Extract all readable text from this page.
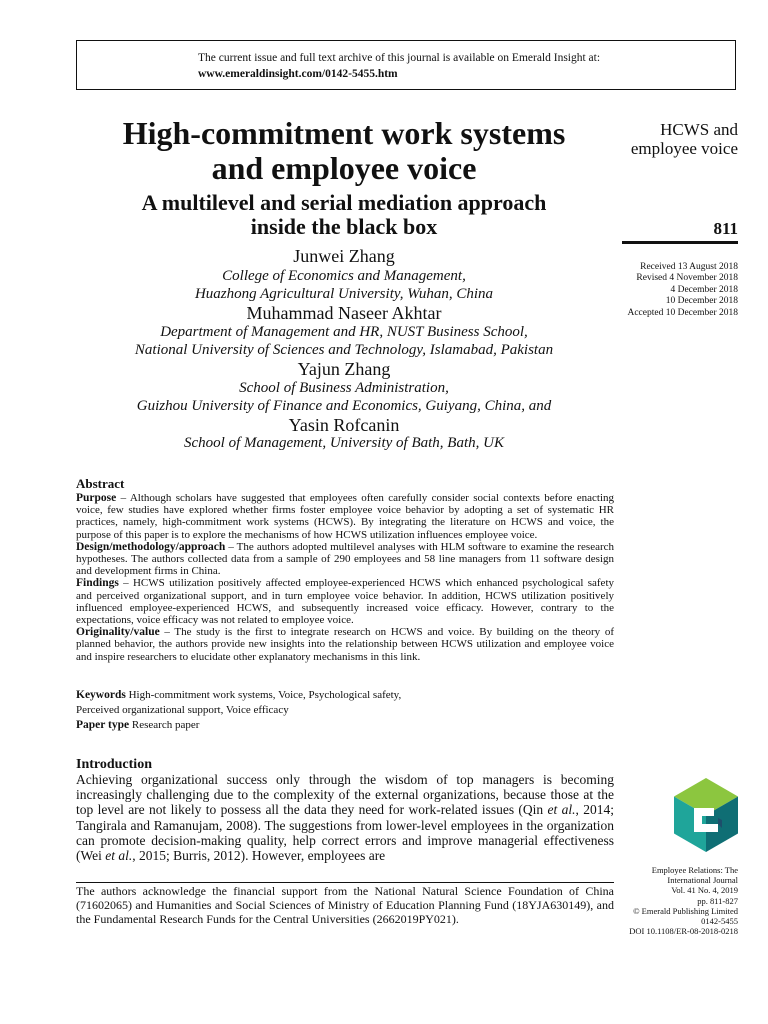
The current issue and full text archive of this journal is available on Emerald Insight at:
www.emeraldinsight.com/0142-5455.htm
High-commitment work systems
and employee voice
A multilevel and serial mediation approach
inside the black box
Junwei Zhang
College of Economics and Management,
Huazhong Agricultural University, Wuhan, China
Muhammad Naseer Akhtar
Department of Management and HR, NUST Business School,
National University of Sciences and Technology, Islamabad, Pakistan
Yajun Zhang
School of Business Administration,
Guizhou University of Finance and Economics, Guiyang, China, and
Yasin Rofcanin
School of Management, University of Bath, Bath, UK
HCWS and
employee voice
811
Received 13 August 2018
Revised 4 November 2018
4 December 2018
10 December 2018
Accepted 10 December 2018
Abstract

Purpose – Although scholars have suggested that employees often carefully consider social contexts before enacting voice, few studies have explored whether firms foster employee voice behavior by adopting a set of systematic HR practices, namely, high-commitment work systems (HCWS). By integrating the literature on HCWS and voice, the purpose of this paper is to explore the mechanisms of how HCWS utilization influences employee voice.

Design/methodology/approach – The authors adopted multilevel analyses with HLM software to examine the research hypotheses. The authors collected data from a sample of 290 employees and 58 line managers from 11 software design and development firms in China.

Findings – HCWS utilization positively affected employee-experienced HCWS which enhanced psychological safety and perceived organizational support, and in turn employee voice behavior. In addition, HCWS utilization positively influenced employee-experienced HCWS, and subsequently increased voice efficacy. However, contrary to the expectations, voice efficacy was not related to employee voice.

Originality/value – The study is the first to integrate research on HCWS and voice. By building on the theory of planned behavior, the authors provide new insights into the relationship between HCWS utilization and employee voice and inspire researchers to elucidate other explanatory mechanisms in this link.

Keywords High-commitment work systems, Voice, Psychological safety,

Perceived organizational support, Voice efficacy

Paper type Research paper
Introduction

Achieving organizational success only through the wisdom of top managers is becoming increasingly challenging due to the complexity of the external organizations, because those at the top level are not likely to possess all the data they need for work-related issues (Qin et al., 2014; Tangirala and Ramanujam, 2008). The suggestions from lower-level employees in the organization can promote decision-making quality, help correct errors and improve managerial effectiveness (Wei et al., 2015; Burris, 2012). However, employees are

The authors acknowledge the financial support from the National Natural Science Foundation of China (71602065) and Humanities and Social Sciences of Ministry of Education Planning Fund (18YJA630149), and the Fundamental Research Funds for the Central Universities (2662019PY021).

Employee Relations: The
International Journal
Vol. 41 No. 4, 2019
pp. 811-827
© Emerald Publishing Limited
0142-5455
DOI 10.1108/ER-08-2018-0218
